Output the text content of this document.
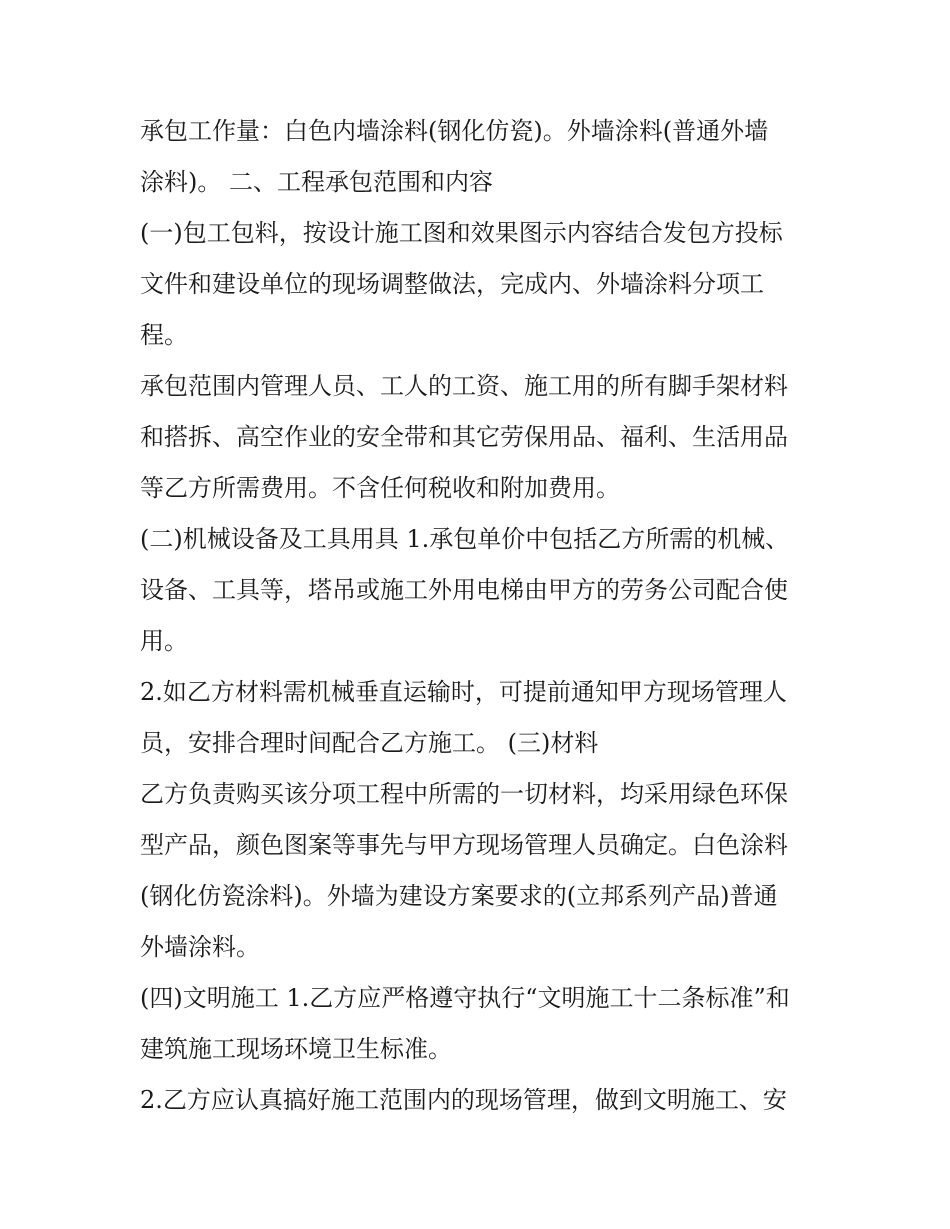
承包工作量：白色内墙涂料(钢化仿瓷)。外墙涂料(普通外墙
涂料)。 二、工程承包范围和内容
(一)包工包料，按设计施工图和效果图示内容结合发包方投标
文件和建设单位的现场调整做法，完成内、外墙涂料分项工
程。
承包范围内管理人员、工人的工资、施工用的所有脚手架材料
和搭拆、高空作业的安全带和其它劳保用品、福利、生活用品
等乙方所需费用。不含任何税收和附加费用。
(二)机械设备及工具用具 1.承包单价中包括乙方所需的机械、
设备、工具等，塔吊或施工外用电梯由甲方的劳务公司配合使
用。
2.如乙方材料需机械垂直运输时，可提前通知甲方现场管理人
员，安排合理时间配合乙方施工。 (三)材料
乙方负责购买该分项工程中所需的一切材料，均采用绿色环保
型产品，颜色图案等事先与甲方现场管理人员确定。白色涂料
(钢化仿瓷涂料)。外墙为建设方案要求的(立邦系列产品)普通
外墙涂料。
(四)文明施工 1.乙方应严格遵守执行“文明施工十二条标准”和
建筑施工现场环境卫生标准。
2.乙方应认真搞好施工范围内的现场管理，做到文明施工、安
